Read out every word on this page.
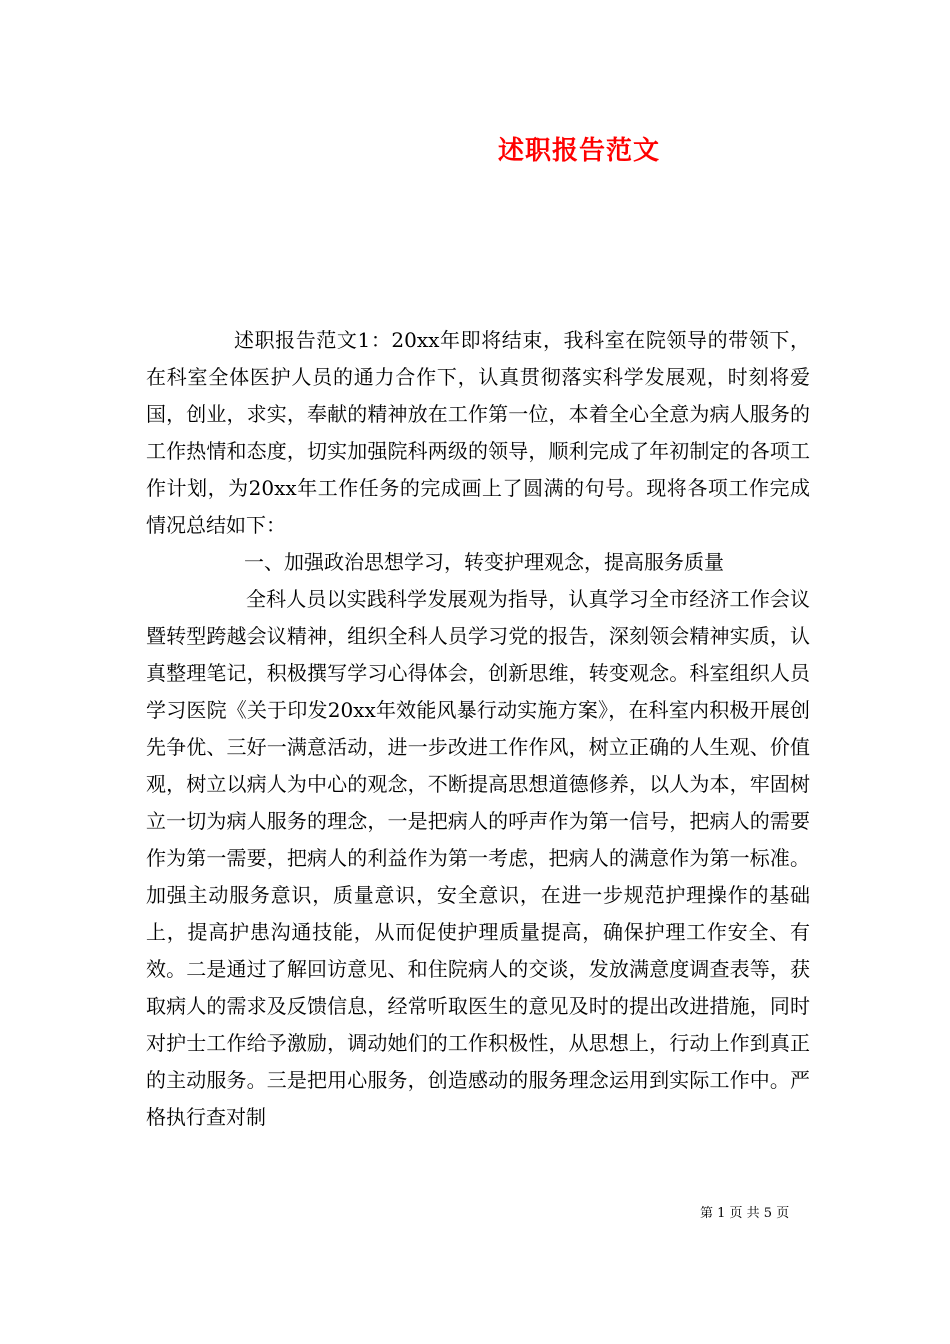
述职报告范文

述职报告范文1：20xx年即将结束，我科室在院领导的带领下，在科室全体医护人员的通力合作下，认真贯彻落实科学发展观，时刻将爱国，创业，求实，奉献的精神放在工作第一位，本着全心全意为病人服务的工作热情和态度，切实加强院科两级的领导，顺利完成了年初制定的各项工作计划，为20xx年工作任务的完成画上了圆满的句号。现将各项工作完成情况总结如下：

一、加强政治思想学习，转变护理观念，提高服务质量

全科人员以实践科学发展观为指导，认真学习全市经济工作会议暨转型跨越会议精神，组织全科人员学习党的报告，深刻领会精神实质，认真整理笔记，积极撰写学习心得体会，创新思维，转变观念。科室组织人员学习医院《关于印发20xx年效能风暴行动实施方案》，在科室内积极开展创先争优、三好一满意活动，进一步改进工作作风，树立正确的人生观、价值观，树立以病人为中心的观念，不断提高思想道德修养，以人为本，牢固树立一切为病人服务的理念，一是把病人的呼声作为第一信号，把病人的需要作为第一需要，把病人的利益作为第一考虑，把病人的满意作为第一标准。加强主动服务意识，质量意识，安全意识，在进一步规范护理操作的基础上，提高护患沟通技能，从而促使护理质量提高，确保护理工作安全、有效。二是通过了解回访意见、和住院病人的交谈，发放满意度调查表等，获取病人的需求及反馈信息，经常听取医生的意见及时的提出改进措施，同时对护士工作给予激励，调动她们的工作积极性，从思想上，行动上作到真正的主动服务。三是把用心服务，创造感动的服务理念运用到实际工作中。严格执行查对制

第 1 页 共 5 页
